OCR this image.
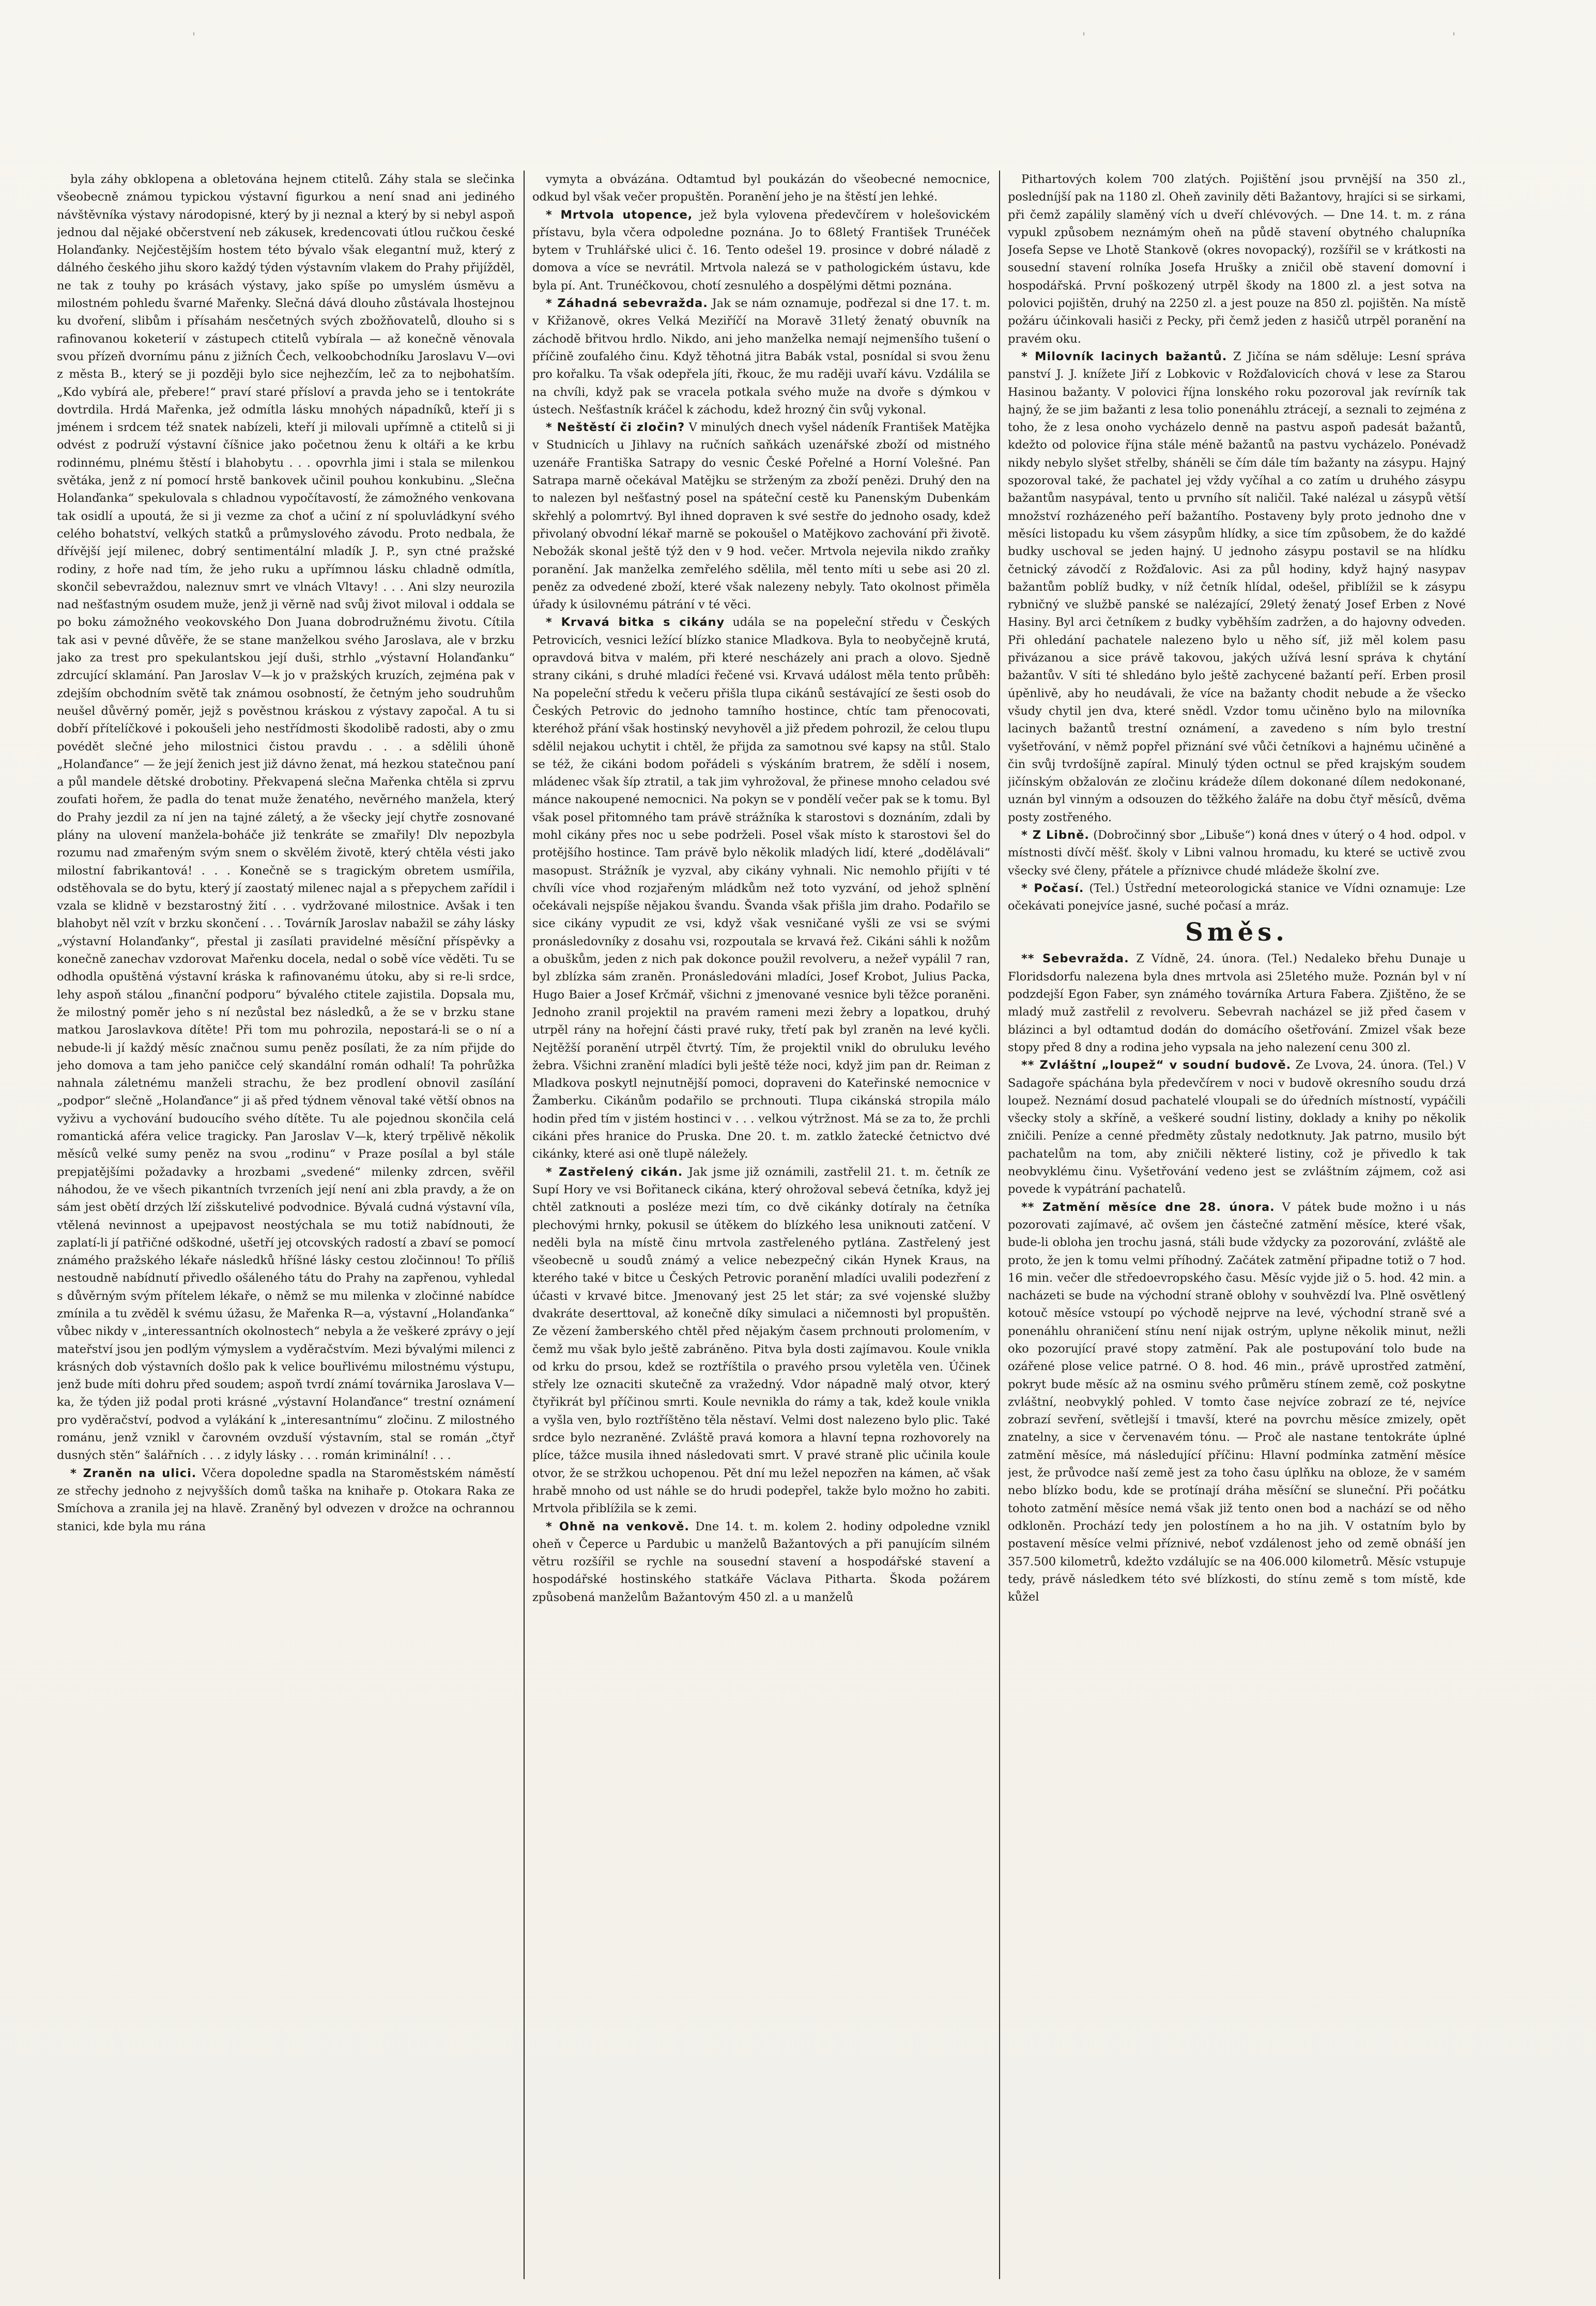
'	'	'

byla záhy obklopena a obletována hejnem ctitelů. Záhy stala se slečinka všeobecně známou typickou výstavní figurkou a není snad ani jediného návštěvníka výstavy národopisné, který by ji neznal a který by si nebyl aspoň jednou dal nějaké občerstvení neb zákusek, kredencovati útlou ručkou české Holanďanky. Nejčestějším hostem této bývalo však elegantní muž, který z dálného českého jihu skoro každý týden výstavním vlakem do Prahy přijížděl, ne tak z touhy po krásách výstavy, jako spíše po umyslém úsměvu a milostném pohledu švarné Mařenky. Slečná dává dlouho zůstávala lhostejnou ku dvoření, slibům i přísahám nesčetných svých zbožňovatelů, dlouho si s rafinovanou koketerií v zástupech ctitelů vybírala — až konečně věnovala svou přízeň dvornímu pánu z jižních Čech, velkoobchodníku Jaroslavu V—ovi z města B., který se ji později bylo sice nejhezčím, leč za to nejbohatším. „Kdo vybírá ale, přebere!“ praví staré přísloví a pravda jeho se i tentokráte dovtrdila. Hrdá Mařenka, jež odmítla lásku mnohých nápadníků, kteří ji s jménem i srdcem též snatek nabízeli, kteří ji milovali upřímně a ctitelů si ji odvést z podruží výstavní číšnice jako početnou ženu k oltáři a ke krbu rodinnému, plnému štěstí i blahobytu . . . opovrhla jimi i stala se milenkou světáka, jenž z ní pomocí hrstě bankovek učinil pouhou konkubinu. „Slečna Holanďanka“ spekulovala s chladnou vypočítavostí, že zámožného venkovana tak osidlí a upoutá, že si ji vezme za choť a učiní z ní spoluvládkyní svého celého bohatství, velkých statků a průmyslového závodu. Proto nedbala, že dřívější její milenec, dobrý sentimentální mladík J. P., syn ctné pražské rodiny, z hoře nad tím, že jeho ruku a upřímnou lásku chladně odmítla, skončil sebevraždou, naleznuv smrt ve vlnách Vltavy! . . . Ani slzy neurozila nad nešťastným osudem muže, jenž ji věrně nad svůj život miloval i oddala se po boku zámožného veokovského Don Juana dobrodružnému životu. Cítila tak asi v pevné důvěře, že se stane manželkou svého Jaroslava, ale v brzku jako za trest pro spekulantskou její duši, strhlo „výstavní Holanďanku“ zdrcující sklamání. Pan Jaroslav V—k jo v pražských kruzích, zejména pak v zdejším obchodním světě tak známou osobností, že četným jeho soudruhům neušel důvěrný poměr, jejž s pověstnou kráskou z výstavy započal. A tu si dobří přítelíčkové i pokoušeli jeho nestřídmosti škodolibě radosti, aby o zmu povédět slečné jeho milostnici čistou pravdu . . . a sdělili úhoně „Holanďance“ — že její ženich jest již dávno ženat, má hezkou statečnou paní a půl mandele dětské drobotiny. Překvapená slečna Mařenka chtěla si zprvu zoufati hořem, že padla do tenat muže ženatého, nevěrného manžela, který do Prahy jezdil za ní jen na tajné záletý, a že všecky její chytře zosnované plány na ulovení manžela-boháče již tenkráte se zmařily! Dlv nepozbyla rozumu nad zmařeným svým snem o skvělém životě, který chtěla vésti jako milostní fabrikantová! . . . Konečně se s tragickým obretem usmířila, odstěhovala se do bytu, který jí zaostatý milenec najal a s přepychem zařídil i vzala se klidně v bezstarostný žití . . . vydržované milostnice. Avšak i ten blahobyt něl vzít v brzku skončení . . . Továrník Jaroslav nabažil se záhy lásky „výstavní Holanďanky“, přestal ji zasílati pravidelné měsíční příspěvky a konečně zanechav vzdorovat Mařenku docela, nedal o sobě více věděti. Tu se odhodla opuštěná výstavní kráska k rafinovanému útoku, aby si re-li srdce, lehy aspoň stálou „finanční podporu“ bývalého ctitele zajistila. Dopsala mu, že milostný poměr jeho s ní nezůstal bez následků, a že se v brzku stane matkou Jaroslavkova dítěte! Při tom mu pohrozila, nepostará-li se o ní a nebude-li jí každý měsíc značnou sumu peněz posílati, že za ním přijde do jeho domova a tam jeho paničce celý skandální román odhalí! Ta pohrůžka nahnala záletnému manželi strachu, že bez prodlení obnovil zasílání „podpor“ slečně „Holanďance“ ji aš před týdnem věnoval také větší obnos na vyživu a vychování budoucího svého dítěte. Tu ale pojednou skončila celá romantická aféra velice tragicky. Pan Jaroslav V—k, který trpělivě několik měsíců velké sumy peněz na svou „rodinu“ v Praze posílal a byl stále prepjatějšími požadavky a hrozbami „svedené“ milenky zdrcen, svěřil náhodou, že ve všech pikantních tvrzeních její není ani zbla pravdy, a že on sám jest obětí drzých lží zišskutelivé podvodnice. Bývalá cudná výstavní víla, vtělená nevinnost a upejpavost neostýchala se mu totiž nabídnouti, že zaplatí-li jí patřičné odškodné, ušetří jej otcovských radostí a zbaví se pomocí známého pražského lékaře následků hříšné lásky cestou zločinnou! To příliš nestoudně nabídnutí přivedlo ošáleného tátu do Prahy na zapřenou, vyhledal s důvěrným svým přítelem lékaře, o němž se mu milenka v zločinné nabídce zmínila a tu zvěděl k svému úžasu, že Mařenka R—a, výstavní „Holanďanka“ vůbec nikdy v „interessantních okolnostech“ nebyla a že veškeré zprávy o její mateřství jsou jen podlým výmyslem a vyděračstvím. Mezi bývalými milenci z krásných dob výstavních došlo pak k velice bouřlivému milostnému výstupu, jenž bude míti dohru před soudem; aspoň tvrdí známí továrnika Jaroslava V—ka, že týden již podal proti krásné „výstavní Holanďance“ trestní oznámení pro vyděračství, podvod a vylákání k „interesantnímu“ zločinu. Z milostného románu, jenž vznikl v čarovném ovzduší výstavním, stal se román „čtyř dusných stěn“ šalářních . . . z idyly lásky . . . román kriminální! . . .

* Zraněn na ulici. Včera dopoledne spadla na Staroměstském náměstí ze střechy jednoho z nejvyšších domů taška na knihaře p. Otokara Raka ze Smíchova a zranila jej na hlavě. Zraněný byl odvezen v drožce na ochrannou stanici, kde byla mu rána

vymyta a obvázána. Odtamtud byl poukázán do všeobecné nemocnice, odkud byl však večer propuštěn. Poranění jeho je na štěstí jen lehké.

* Mrtvola utopence, jež byla vylovena předevčírem v holešovickém přístavu, byla včera odpoledne poznána. Jo to 68letý František Trunéček bytem v Truhlářské ulici č. 16. Tento odešel 19. prosince v dobré náladě z domova a více se nevrátil. Mrtvola nalezá se v pathologickém ústavu, kde byla pí. Ant. Trunéčkovou, chotí zesnulého a dospělými dětmi poznána.

* Záhadná sebevražda. Jak se nám oznamuje, podřezal si dne 17. t. m. v Křižanově, okres Velká Meziříčí na Moravě 31letý ženatý obuvník na záchodě břitvou hrdlo. Nikdo, ani jeho manželka nemají nejmenšího tušení o příčině zoufalého činu. Když těhotná jitra Babák vstal, posnídal si svou ženu pro kořalku. Ta však odepřela jíti, řkouc, že mu raději uvaří kávu. Vzdálila se na chvíli, když pak se vracela potkala svého muže na dvoře s dýmkou v ústech. Nešťastník kráčel k záchodu, kdež hrozný čin svůj vykonal.

* Neštěstí či zločin? V minulých dnech vyšel nádeník František Matějka v Studnicích u Jihlavy na ručních saňkách uzenářské zboží od mistného uzenáře Františka Satrapy do vesnic České Pořelné a Horní Volešné. Pan Satrapa marně očekával Matějku se strženým za zboží penězi. Druhý den na to nalezen byl nešťastný posel na spáteční cestě ku Panenským Dubenkám skřehlý a polomrtvý. Byl ihned dopraven k své sestře do jednoho osady, kdež přivolaný obvodní lékař marně se pokoušel o Matějkovo zachování při životě. Nebožák skonal ještě týž den v 9 hod. večer. Mrtvola nejevila nikdo zraňky poranění. Jak manželka zemřelého sdělila, měl tento míti u sebe asi 20 zl. peněz za odvedené zboží, které však nalezeny nebyly. Tato okolnost přiměla úřady k úsilovnému pátrání v té věci.

* Krvavá bitka s cikány udála se na popeleční středu v Českých Petrovicích, vesnici ležící blízko stanice Mladkova. Byla to neobyčejně krutá, opravdová bitva v malém, při které nescházely ani prach a olovo. Sjedně strany cikáni, s druhé mladíci řečené vsi. Krvavá událost měla tento průběh: Na popeleční středu k večeru přišla tlupa cikánů sestávající ze šesti osob do Českých Petrovic do jednoho tamního hostince, chtíc tam přenocovati, kteréhož přání však hostinský nevyhověl a již předem pohrozil, že celou tlupu sdělil nejakou uchytit i chtěl, že přijda za samotnou své kapsy na stůl. Stalo se též, že cikáni bodom pořádeli s výskáním bratrem, že sdělí i nosem, mládenec však šíp ztratil, a tak jim vyhrožoval, že přinese mnoho celadou své mánce nakoupené nemocnici. Na pokyn se v pondělí večer pak se k tomu. Byl však posel přitomného tam právě strážníka k starostovi s doznáním, zdali by mohl cikány přes noc u sebe podrželi. Posel však místo k starostovi šel do protějšího hostince. Tam právě bylo několik mladých lidí, které „dodělávali“ masopust. Strážník je vyzval, aby cikány vyhnali. Nic nemohlo přijíti v té chvíli více vhod rozjařeným mládkům než toto vyzvání, od jehož splnění očekávali nejspíše nějakou švandu. Švanda však přišla jim draho. Podařilo se sice cikány vypudit ze vsi, když však vesničané vyšli ze vsi se svými pronásledovníky z dosahu vsi, rozpoutala se krvavá řež. Cikáni sáhli k nožům a obuškům, jeden z nich pak dokonce použil revolveru, a nežeř vypálil 7 ran, byl zblízka sám zraněn. Pronásledováni mladíci, Josef Krobot, Julius Packa, Hugo Baier a Josef Krčmář, všichni z jmenované vesnice byli těžce poraněni. Jednoho zranil projektil na pravém rameni mezi žebry a lopatkou, druhý utrpěl rány na hořejní části pravé ruky, třetí pak byl zraněn na levé kyčli. Nejtěžší poranění utrpěl čtvrtý. Tím, že projektil vnikl do obruluku levého žebra. Všichni zranění mladíci byli ještě téže noci, když jim pan dr. Reiman z Mladkova poskytl nejnutnější pomoci, dopraveni do Kateřinské nemocnice v Žamberku. Cikánům podařilo se prchnouti. Tlupa cikánská stropila málo hodin před tím v jistém hostinci v . . . velkou výtržnost. Má se za to, že prchli cikáni přes hranice do Pruska. Dne 20. t. m. zatklo žatecké četnictvo dvé cikánky, které asi oně tlupě náležely.

* Zastřelený cikán. Jak jsme již oznámili, zastřelil 21. t. m. četník ze Supí Hory ve vsi Bořitaneck cikána, který ohrožoval sebevá četníka, když jej chtěl zatknouti a posléze mezi tím, co dvě cikánky dotíraly na četníka plechovými hrnky, pokusil se útěkem do blízkého lesa uniknouti zatčení. V neděli byla na místě činu mrtvola zastřeleného pytlána. Zastřelený jest všeobecně u soudů známý a velice nebezpečný cikán Hynek Kraus, na kterého také v bitce u Českých Petrovic poranění mladíci uvalili podezření z účasti v krvavé bitce. Jmenovaný jest 25 let stár; za své vojenské služby dvakráte deserttoval, až konečně díky simulaci a ničemnosti byl propuštěn. Ze vězení žamberského chtěl před nějakým časem prchnouti prolomením, v čemž mu však bylo ještě zabráněno. Pitva byla dosti zajímavou. Koule vnikla od krku do prsou, kdež se roztříštila o pravého prsou vyletěla ven. Účinek střely lze oznaciti skutečně za vražedný. Vdor nápadně malý otvor, který čtyřikrát byl příčinou smrti. Koule nevnikla do rámy a tak, kdež koule vnikla a vyšla ven, bylo roztříštěno těla něstaví. Velmi dost nalezeno bylo plic. Také srdce bylo nezraněné. Zvláště pravá komora a hlavní tepna rozhovorely na plíce, tážce musila ihned následovati smrt. V pravé straně plic učinila koule otvor, že se stržkou uchopenou. Pět dní mu ležel nepozřen na kámen, ač však hrabě mnoho od ust náhle se do hrudi podepřel, takže bylo možno ho zabiti. Mrtvola přiblížila se k zemi.

* Ohně na venkově. Dne 14. t. m. kolem 2. hodiny odpoledne vznikl oheň v Čeperce u Pardubic u manželů Bažantových a při panujícím silném větru rozšířil se rychle na sousední stavení a hospodářské stavení a hospodářské hostinského statkáře Václava Pitharta. Škoda požárem způsobená manželům Bažantovým 450 zl. a u manželů

Pithartových kolem 700 zlatých. Pojištění jsou prvnější na 350 zl., posledníjší pak na 1180 zl. Oheň zavinily děti Bažantovy, hrajíci si se sirkami, při čemž zapálily slaměný vích u dveří chlévových. — Dne 14. t. m. z rána vypukl způsobem neznámým oheň na půdě stavení obytného chalupníka Josefa Sepse ve Lhotě Stankově (okres novopacký), rozšířil se v krátkosti na sousední stavení rolníka Josefa Hrušky a zničil obě stavení domovní i hospodářská. První poškozený utrpěl škody na 1800 zl. a jest sotva na polovici pojištěn, druhý na 2250 zl. a jest pouze na 850 zl. pojištěn. Na místě požáru účinkovali hasiči z Pecky, při čemž jeden z hasičů utrpěl poranění na pravém oku.

* Milovník lacinych bažantů. Z Jičína se nám sděluje: Lesní správa panství J. J. knížete Jiří z Lobkovic v Rožďalovicích chová v lese za Starou Hasinou bažanty. V polovici října lonského roku pozoroval jak revírník tak hajný, že se jim bažanti z lesa tolio ponenáhlu ztrácejí, a seznali to zejména z toho, že z lesa onoho vycházelo denně na pastvu aspoň padesát bažantů, kdežto od polovice října stále méně bažantů na pastvu vycházelo. Ponévadž nikdy nebylo slyšet střelby, sháněli se čím dále tím bažanty na zásypu. Hajný spozoroval také, že pachatel jej vždy vyčíhal a co zatím u druhého zásypu bažantům nasypával, tento u prvního sít naličil. Také nalézal u zásypů větší množství rozházeného peří bažantího. Postaveny byly proto jednoho dne v měsíci listopadu ku všem zásypům hlídky, a sice tím způsobem, že do každé budky uschoval se jeden hajný. U jednoho zásypu postavil se na hlídku četnický závodčí z Rožďalovic. Asi za půl hodiny, když hajný nasypav bažantům poblíž budky, v níž četník hlídal, odešel, přiblížil se k zásypu rybničný ve službě panské se nalézající, 29letý ženatý Josef Erben z Nové Hasiny. Byl arci četníkem z budky vyběhším zadržen, a do hajovny odveden. Při ohledání pachatele nalezeno bylo u něho síť, již měl kolem pasu přivázanou a sice právě takovou, jakých užívá lesní správa k chytání bažantův. V síti té shledáno bylo ještě zachycené bažantí peří. Erben prosil úpěnlivě, aby ho neudávali, že více na bažanty chodit nebude a že všecko všudy chytil jen dva, které snědl. Vzdor tomu učiněno bylo na milovníka lacinych bažantů trestní oznámení, a zavedeno s ním bylo trestní vyšetřování, v němž popřel přiznání své vůči četníkovi a hajnému učiněné a čin svůj tvrdošíjně zapíral. Minulý týden octnul se před krajským soudem jičínským obžalován ze zločinu krádeže dílem dokonané dílem nedokonané, uznán byl vinným a odsouzen do těžkého žaláře na dobu čtyř měsíců, dvěma posty zostřeného.

* Z Libně. (Dobročinný sbor „Libuše“) koná dnes v úterý o 4 hod. odpol. v místnosti dívčí měšť. školy v Libni valnou hromadu, ku které se uctivě zvou všecky své členy, přátele a příznivce chudé mládeže školní zve.

* Počasí. (Tel.) Ústřední meteorologická stanice ve Vídni oznamuje: Lze očekávati ponejvíce jasné, suché počasí a mráz.

Směs.

** Sebevražda. Z Vídně, 24. února. (Tel.) Nedaleko břehu Dunaje u Floridsdorfu nalezena byla dnes mrtvola asi 25letého muže. Poznán byl v ní podzdejší Egon Faber, syn známého továrníka Artura Fabera. Zjištěno, že se mladý muž zastřelil z revolveru. Sebevrah nacházel se již před časem v blázinci a byl odtamtud dodán do domácího ošetřování. Zmizel však beze stopy před 8 dny a rodina jeho vypsala na jeho nalezení cenu 300 zl.

** Zvláštní „loupež“ v soudní budově. Ze Lvova, 24. února. (Tel.) V Sadagoře spáchána byla předevčírem v noci v budově okresního soudu drzá loupež. Neznámí dosud pachatelé vloupali se do úředních místností, vypáčili všecky stoly a skříně, a veškeré soudní listiny, doklady a knihy po několik zničili. Peníze a cenné předměty zůstaly nedotknuty. Jak patrno, musilo být pachatelům na tom, aby zničili některé listiny, což je přivedlo k tak neobvyklému činu. Vyšetřování vedeno jest se zvláštním zájmem, což asi povede k vypátrání pachatelů.

** Zatmění měsíce dne 28. února. V pátek bude možno i u nás pozorovati zajímavé, ač ovšem jen částečné zatmění měsíce, které však, bude-li obloha jen trochu jasná, stáli bude vždycky za pozorování, zvláště ale proto, že jen k tomu velmi příhodný. Začátek zatmění připadne totiž o 7 hod. 16 min. večer dle středoevropského času. Měsíc vyjde již o 5. hod. 42 min. a nacházeti se bude na východní straně oblohy v souhvězdí lva. Plně osvětlený kotouč měsíce vstoupí po východě nejprve na levé, východní straně své a ponenáhlu ohraničení stínu není nijak ostrým, uplyne několik minut, nežli oko pozorující pravé stopy zatmění. Pak ale postupování tolo bude na ozářené plose velice patrné. O 8. hod. 46 min., právě uprostřed zatmění, pokryt bude měsíc až na osminu svého průměru stínem země, což poskytne zvláštní, neobvyklý pohled. V tomto čase nejvíce zobrazí ze té, nejvíce zobrazí sevření, světlejší i tmavší, které na povrchu měsíce zmizely, opět znatelny, a sice v červenavém tónu. — Proč ale nastane tentokráte úplné zatmění měsíce, má následující příčinu: Hlavní podmínka zatmění měsíce jest, že průvodce naší země jest za toho času úplňku na obloze, že v samém nebo blízko bodu, kde se protínají dráha měsíční se sluneční. Při počátku tohoto zatmění měsíce nemá však již tento onen bod a nachází se od něho odkloněn. Prochází tedy jen polostínem a ho na jih. V ostatním bylo by postavení měsíce velmi příznivé, neboť vzdálenost jeho od země obnáší jen 357.500 kilometrů, kdežto vzdálujíc se na 406.000 kilometrů. Měsíc vstupuje tedy, právě následkem této své blízkosti, do stínu země s tom místě, kde kůžel
